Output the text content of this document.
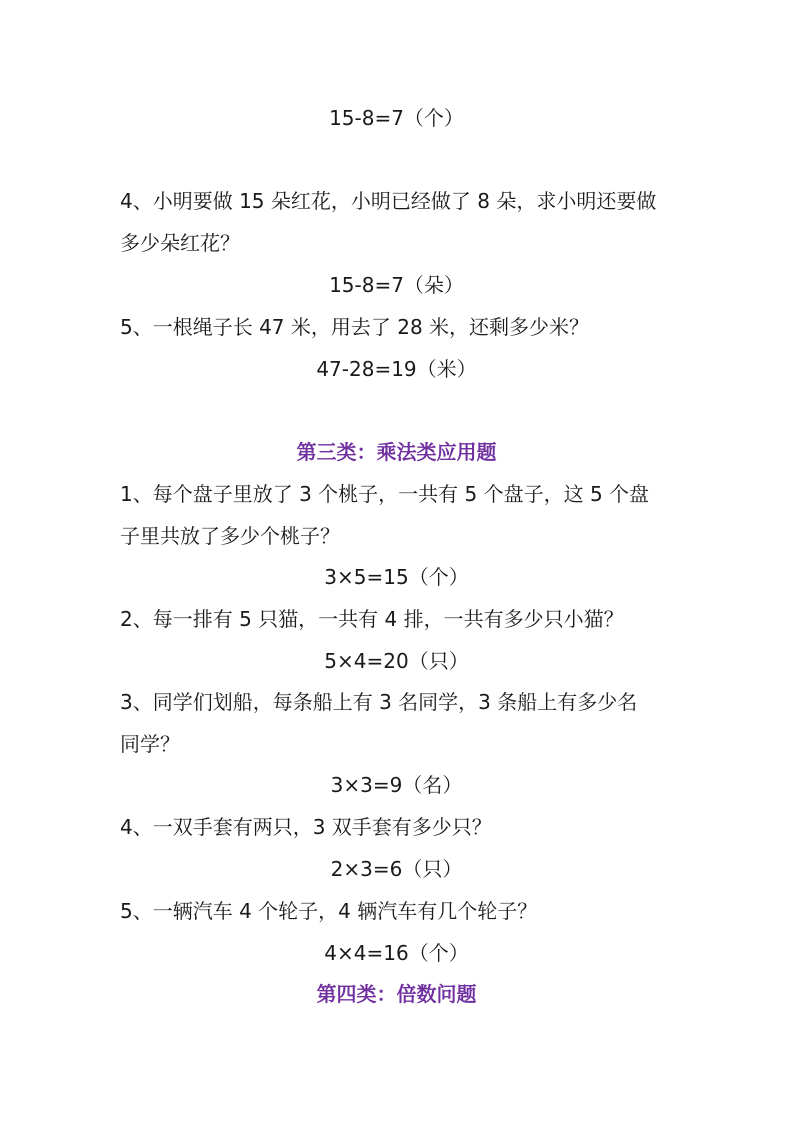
15-8=7（个）
4、小明要做 15 朵红花，小明已经做了 8 朵，求小明还要做
多少朵红花？
15-8=7（朵）
5、一根绳子长 47 米，用去了 28 米，还剩多少米？
47-28=19（米）
第三类：乘法类应用题
1、每个盘子里放了 3 个桃子，一共有 5 个盘子，这 5 个盘
子里共放了多少个桃子？
3×5=15（个）
2、每一排有 5 只猫，一共有 4 排，一共有多少只小猫？
5×4=20（只）
3、同学们划船，每条船上有 3 名同学，3 条船上有多少名
同学？
3×3=9（名）
4、一双手套有两只，3 双手套有多少只？
2×3=6（只）
5、一辆汽车 4 个轮子，4 辆汽车有几个轮子？
4×4=16（个）
第四类：倍数问题
